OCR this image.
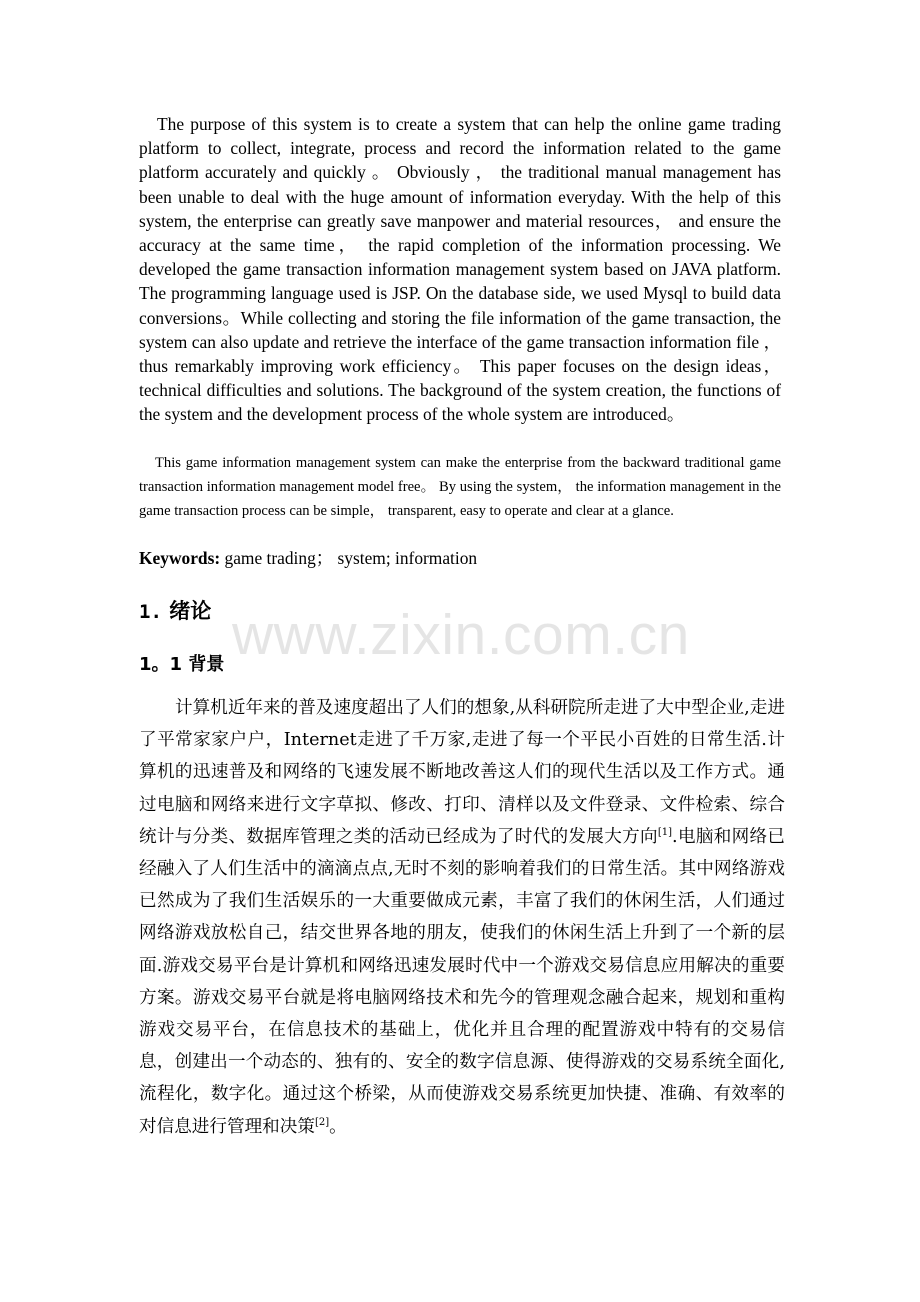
The purpose of this system is to create a system that can help the online game trading platform to collect, integrate, process and record the information related to the game platform accurately and quickly 。 Obviously ， the traditional manual management has been unable to deal with the huge amount of information everyday. With the help of this system, the enterprise can greatly save manpower and material resources， and ensure the accuracy at the same time， the rapid completion of the information processing. We developed the game transaction information management system based on JAVA platform. The programming language used is JSP. On the database side, we used Mysql to build data conversions。While collecting and storing the file information of the game transaction, the system can also update and retrieve the interface of the game transaction information file ， thus remarkably improving work efficiency。 This paper focuses on the design ideas， technical difficulties and solutions. The background of the system creation, the functions of the system and the development process of the whole system are introduced。

This game information management system can make the enterprise from the backward traditional game transaction information management model free。 By using the system， the information management in the game transaction process can be simple， transparent, easy to operate and clear at a glance.

Keywords: game trading； system; information

www.zixin.com.cn
1. 绪论
1。1 背景

计算机近年来的普及速度超出了人们的想象,从科研院所走进了大中型企业,走进了平常家家户户，Internet走进了千万家,走进了每一个平民小百姓的日常生活.计算机的迅速普及和网络的飞速发展不断地改善这人们的现代生活以及工作方式。通过电脑和网络来进行文字草拟、修改、打印、清样以及文件登录、文件检索、综合统计与分类、数据库管理之类的活动已经成为了时代的发展大方向[1].电脑和网络已经融入了人们生活中的滴滴点点,无时不刻的影响着我们的日常生活。其中网络游戏已然成为了我们生活娱乐的一大重要做成元素，丰富了我们的休闲生活，人们通过网络游戏放松自己，结交世界各地的朋友，使我们的休闲生活上升到了一个新的层面.游戏交易平台是计算机和网络迅速发展时代中一个游戏交易信息应用解决的重要方案。游戏交易平台就是将电脑网络技术和先今的管理观念融合起来，规划和重构游戏交易平台，在信息技术的基础上，优化并且合理的配置游戏中特有的交易信息，创建出一个动态的、独有的、安全的数字信息源、使得游戏的交易系统全面化,流程化，数字化。通过这个桥梁，从而使游戏交易系统更加快捷、准确、有效率的对信息进行管理和决策[2]。
